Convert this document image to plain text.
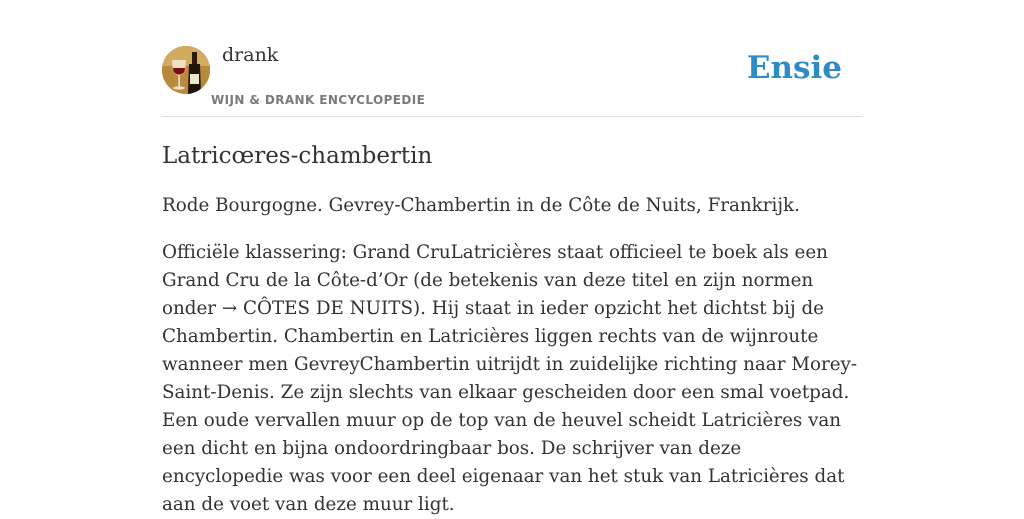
drank
WIJN & DRANK ENCYCLOPEDIE
Ensie
Latricœres-chambertin

Rode Bourgogne. Gevrey-Chambertin in de Côte de Nuits, Frankrijk.

Officiële klassering: Grand CruLatricières staat officieel te boek als een Grand Cru de la Côte-d’Or (de betekenis van deze titel en zijn normen onder → CÔTES DE NUITS). Hij staat in ieder opzicht het dichtst bij de Chambertin. Chambertin en Latricières liggen rechts van de wijnroute wanneer men GevreyChambertin uitrijdt in zuidelijke richting naar Morey-Saint-Denis. Ze zijn slechts van elkaar gescheiden door een smal voetpad. Een oude vervallen muur op de top van de heuvel scheidt Latricières van een dicht en bijna ondoordringbaar bos. De schrijver van deze encyclopedie was voor een deel eigenaar van het stuk van Latricières dat aan de voet van deze muur ligt.
